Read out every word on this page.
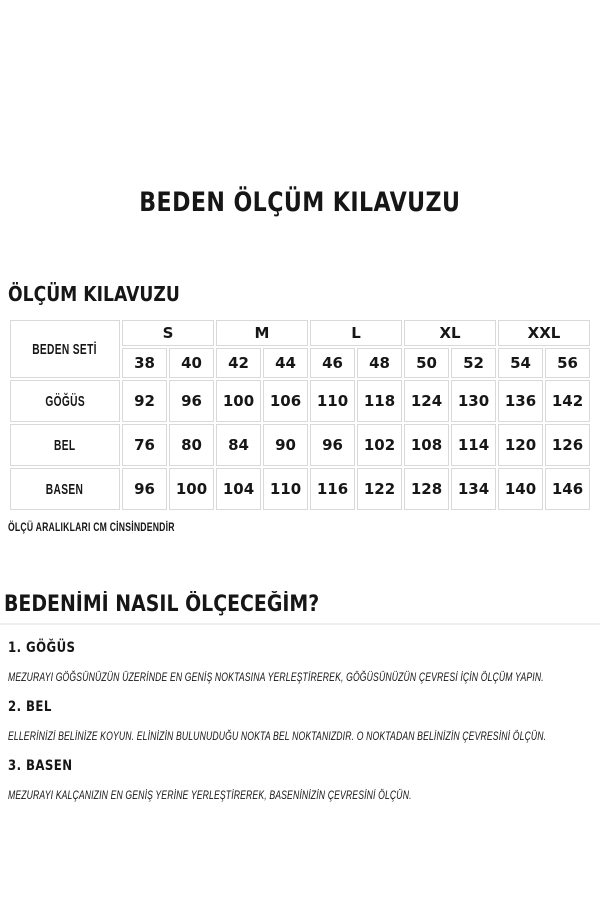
BEDEN ÖLÇÜM KILAVUZU
ÖLÇÜM KILAVUZU
BEDEN SETİ	S		M		L		XL		XXL	
	38	40	42	44	46	48	50	52	54	56
GÖĞÜS	92	96	100	106	110	118	124	130	136	142
BEL	76	80	84	90	96	102	108	114	120	126
BASEN	96	100	104	110	116	122	128	134	140	146

ÖLÇÜ ARALIKLARI CM CİNSİNDENDİR

BEDENİMİ NASIL ÖLÇECEĞİM?
1. GÖĞÜS

MEZURAYI GÖĞSÜNÜZÜN ÜZERİNDE EN GENİŞ NOKTASINA YERLEŞTİREREK, GÖĞÜSÜNÜZÜN ÇEVRESİ İÇİN ÖLÇÜM YAPIN.

2. BEL

ELLERİNİZİ BELİNİZE KOYUN. ELİNİZİN BULUNUDUĞU NOKTA BEL NOKTANIZDIR. O NOKTADAN BELİNİZİN ÇEVRESİNİ ÖLÇÜN.

3. BASEN

MEZURAYI KALÇANIZIN EN GENİŞ YERİNE YERLEŞTİREREK, BASENİNİZİN ÇEVRESİNİ ÖLÇÜN.
